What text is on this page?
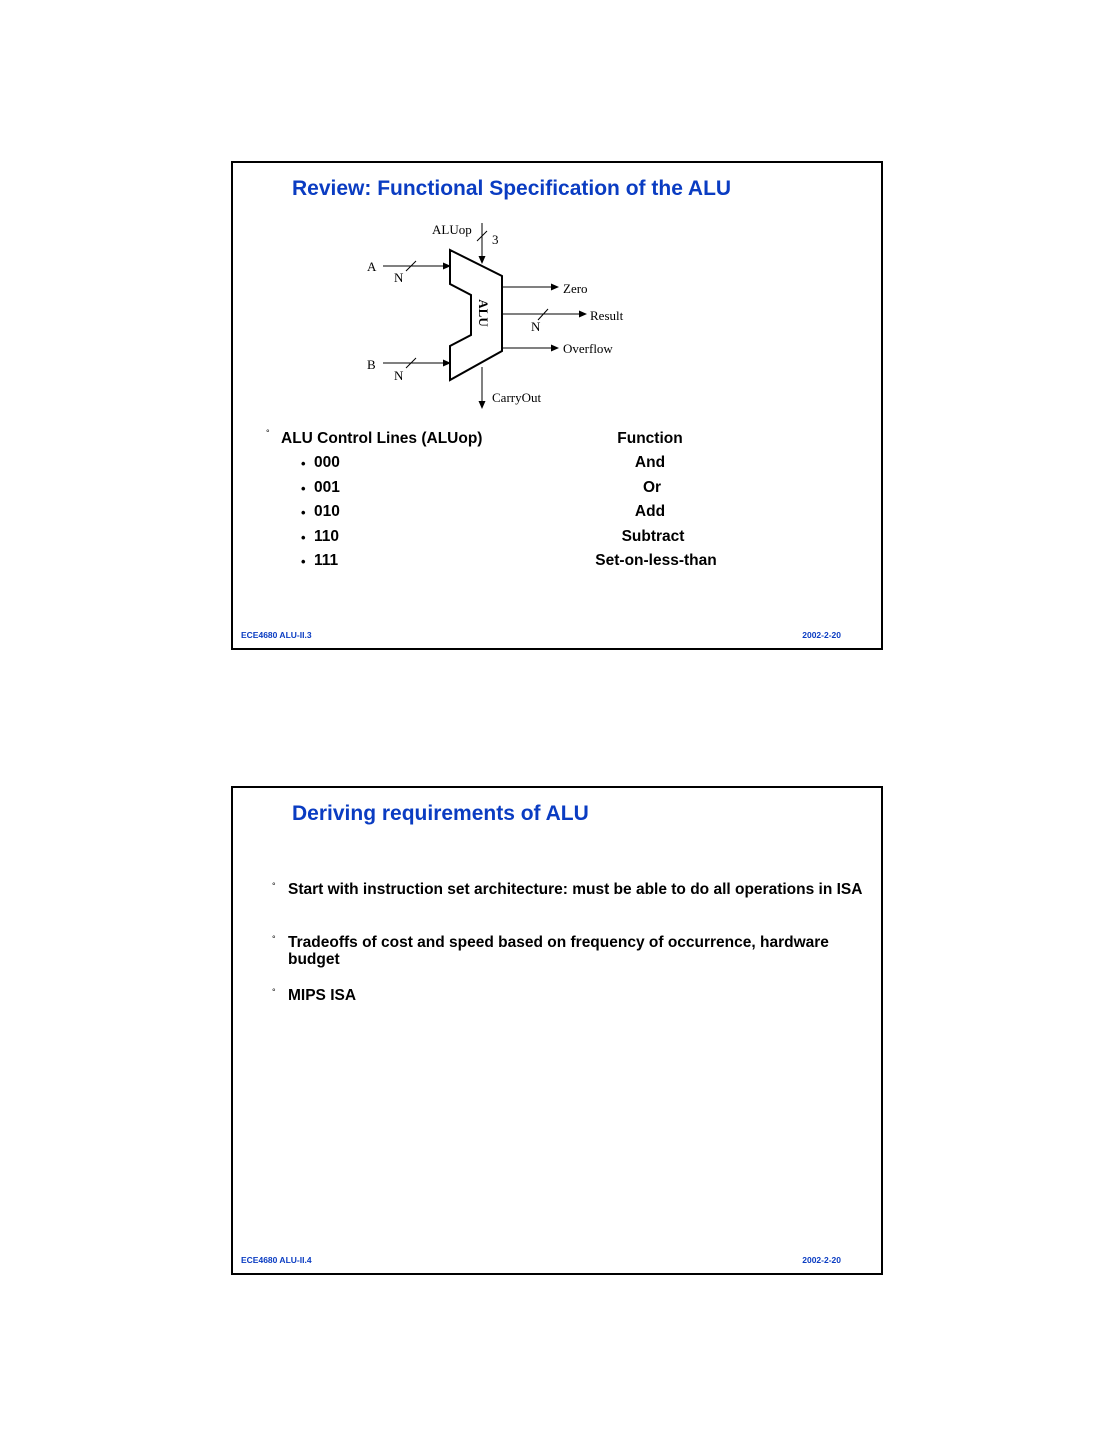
Review: Functional Specification of the ALU
ALU
ALUop
3
A
N
B
N
Zero
Result
N
Overflow
CarryOut
° ALU Control Lines (ALUop)	Function
• 000	And
• 001	Or
• 010	Add
• 110	Subtract
• 111	Set-on-less-than
ECE4680 ALU-II.3	2002-2-20
Deriving requirements of ALU
° Start with instruction set architecture: must be able to do all operations in ISA
° Tradeoffs of cost and speed based on frequency of occurrence, hardware budget
° MIPS ISA
ECE4680 ALU-II.4	2002-2-20
